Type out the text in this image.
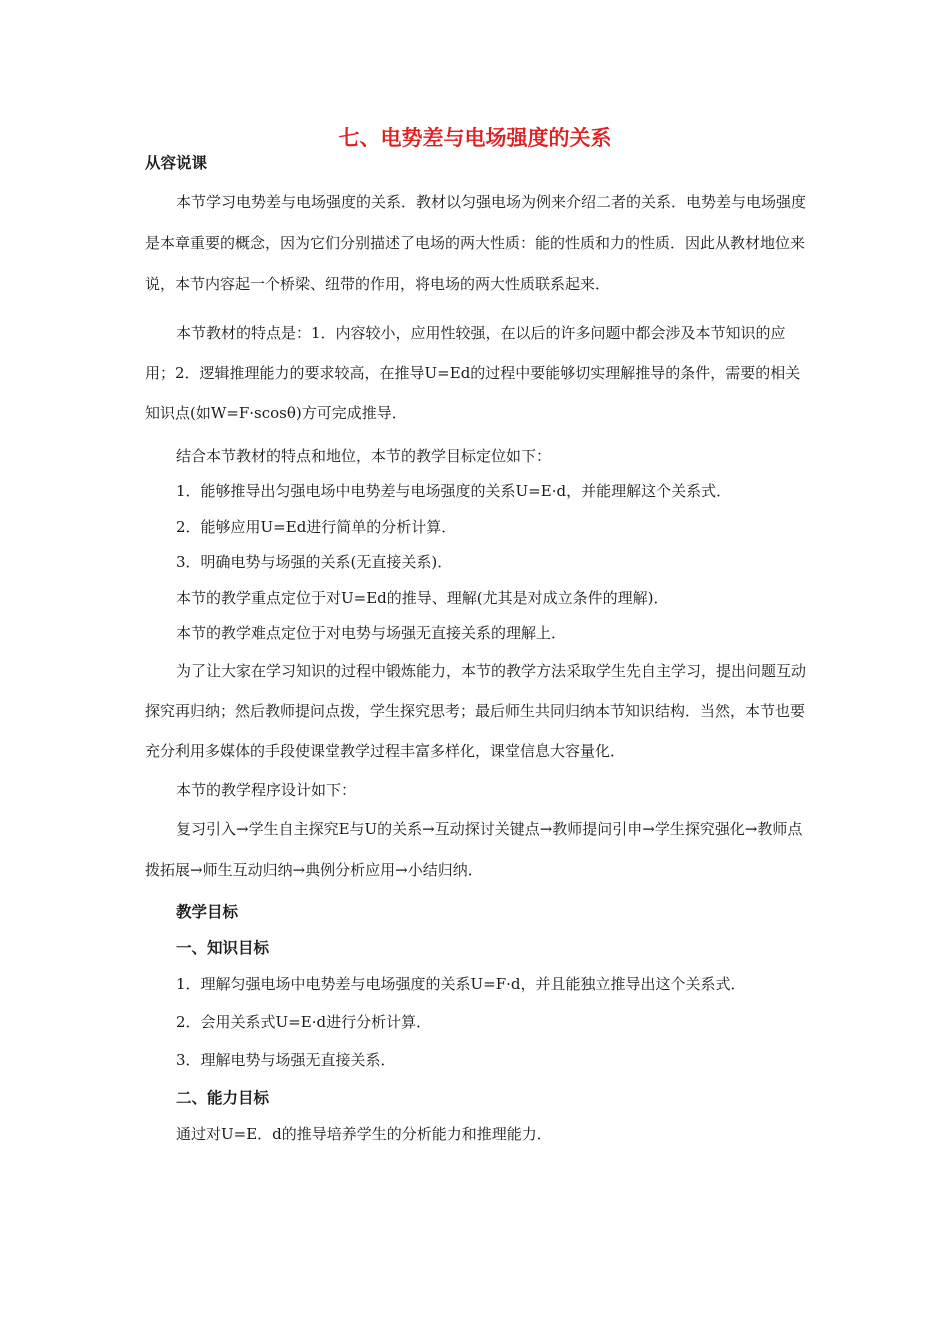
七、电势差与电场强度的关系
从容说课

本节学习电势差与电场强度的关系．教材以匀强电场为例来介绍二者的关系．电势差与电场强度是本章重要的概念，因为它们分别描述了电场的两大性质：能的性质和力的性质．因此从教材地位来说，本节内容起一个桥梁、纽带的作用，将电场的两大性质联系起来．

本节教材的特点是：1．内容较小，应用性较强，在以后的许多问题中都会涉及本节知识的应用；2．逻辑推理能力的要求较高，在推导U=Ed的过程中要能够切实理解推导的条件，需要的相关知识点(如W=F·scosθ)方可完成推导．

结合本节教材的特点和地位，本节的教学目标定位如下：

1．能够推导出匀强电场中电势差与电场强度的关系U=E·d，并能理解这个关系式．

2．能够应用U=Ed进行简单的分析计算．

3．明确电势与场强的关系(无直接关系)．

本节的教学重点定位于对U=Ed的推导、理解(尤其是对成立条件的理解)．

本节的教学难点定位于对电势与场强无直接关系的理解上．

为了让大家在学习知识的过程中锻炼能力，本节的教学方法采取学生先自主学习，提出问题互动探究再归纳；然后教师提问点拨，学生探究思考；最后师生共同归纳本节知识结构．当然，本节也要充分利用多媒体的手段使课堂教学过程丰富多样化，课堂信息大容量化．

本节的教学程序设计如下：

复习引入→学生自主探究E与U的关系→互动探讨关键点→教师提问引申→学生探究强化→教师点拨拓展→师生互动归纳→典例分析应用→小结归纳．

教学目标
一、知识目标

1．理解匀强电场中电势差与电场强度的关系U=F·d，并且能独立推导出这个关系式．

2．会用关系式U=E·d进行分析计算．

3．理解电势与场强无直接关系．

二、能力目标

通过对U=E．d的推导培养学生的分析能力和推理能力．
